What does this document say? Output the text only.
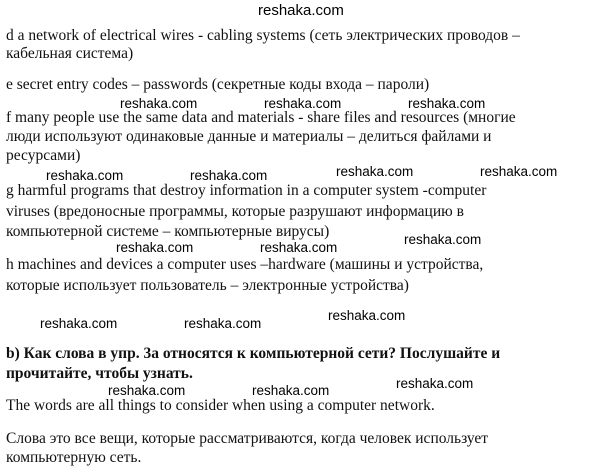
reshaka.com
reshaka.com	reshaka.com	reshaka.com
reshaka.com	reshaka.com	reshaka.com	reshaka.com
reshaka.com	reshaka.com
reshaka.com
reshaka.com	reshaka.com
reshaka.com
reshaka.com	reshaka.com	reshaka.com
d a network of electrical wires - cabling systems (сеть электрических проводов –
кабельная система)
e secret entry codes – passwords (секретные коды входа – пароли)
f many people use the same data and materials - share files and resources (многие
люди используют одинаковые данные и материалы – делиться файлами и
ресурсами)
g harmful programs that destroy information in a computer system -computer
viruses (вредоносные программы, которые разрушают информацию в
компьютерной системе – компьютерные вирусы)
h machines and devices a computer uses –hardware (машины и устройства,
которые использует пользователь – электронные устройства)
b) Как слова в упр. 3а относятся к компьютерной сети? Послушайте и
прочитайте, чтобы узнать.
The words are all things to consider when using a computer network.
Слова это все вещи, которые рассматриваются, когда человек использует
компьютерную сеть.
